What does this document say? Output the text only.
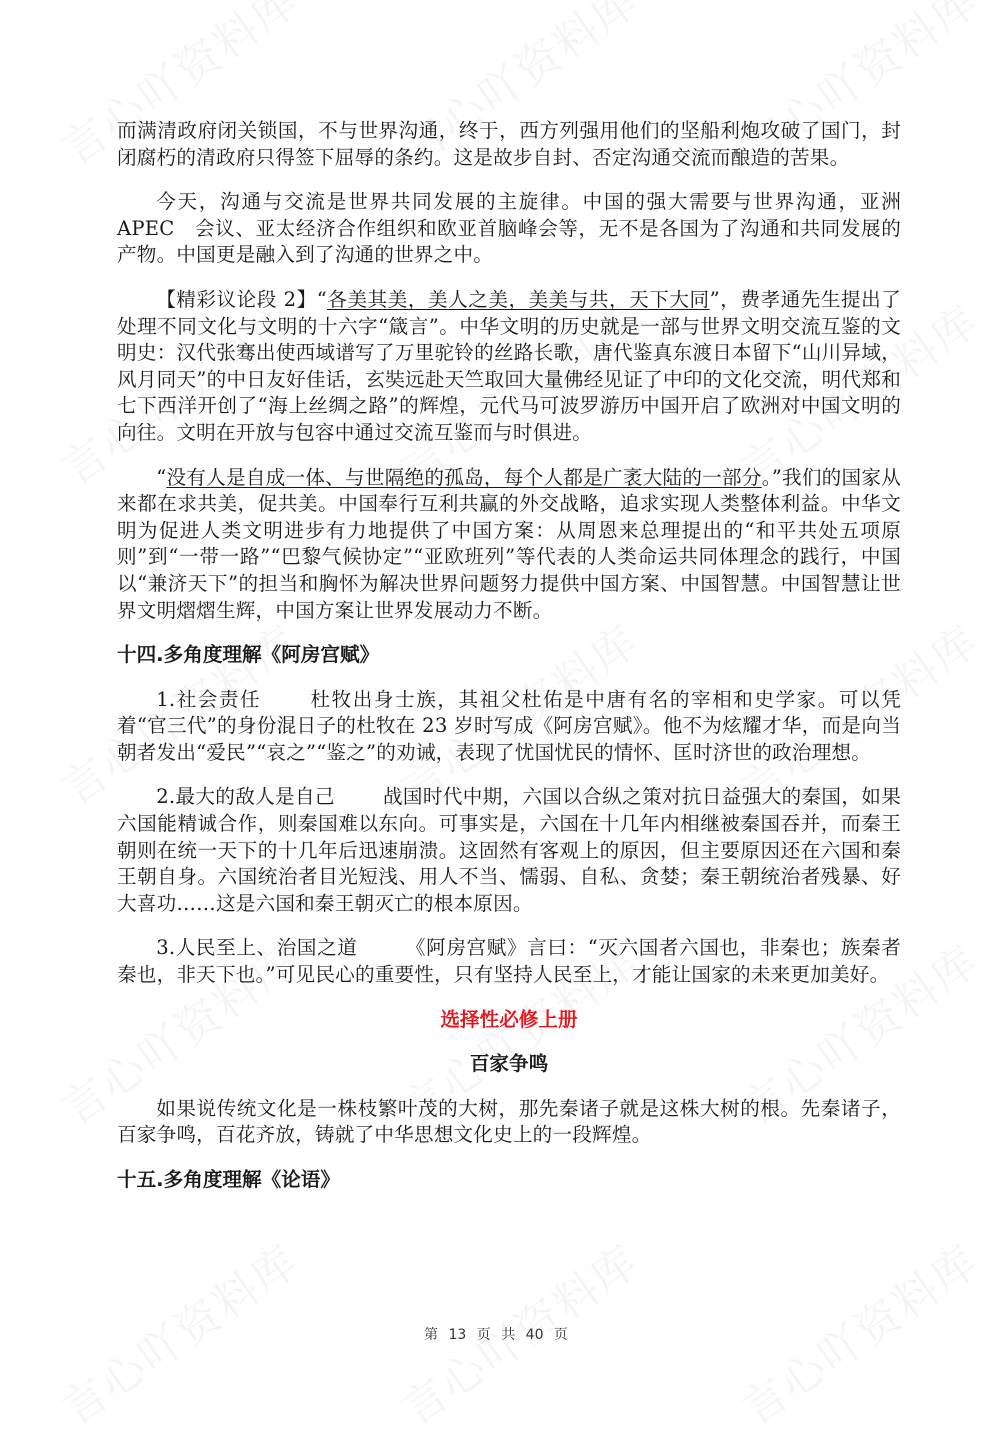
而满清政府闭关锁国，不与世界沟通，终于，西方列强用他们的坚船利炮攻破了国门，封闭腐朽的清政府只得签下屈辱的条约。这是故步自封、否定沟通交流而酿造的苦果。

今天，沟通与交流是世界共同发展的主旋律。中国的强大需要与世界沟通，亚洲 APEC　会议、亚太经济合作组织和欧亚首脑峰会等，无不是各国为了沟通和共同发展的产物。中国更是融入到了沟通的世界之中。

【精彩议论段 2】“各美其美，美人之美，美美与共，天下大同”，费孝通先生提出了处理不同文化与文明的十六字“箴言”。中华文明的历史就是一部与世界文明交流互鉴的文明史：汉代张骞出使西域谱写了万里驼铃的丝路长歌，唐代鉴真东渡日本留下“山川异域，风月同天”的中日友好佳话，玄奘远赴天竺取回大量佛经见证了中印的文化交流，明代郑和七下西洋开创了“海上丝绸之路”的辉煌，元代马可波罗游历中国开启了欧洲对中国文明的向往。文明在开放与包容中通过交流互鉴而与时俱进。

“没有人是自成一体、与世隔绝的孤岛，每个人都是广袤大陆的一部分。”我们的国家从来都在求共美，促共美。中国奉行互利共赢的外交战略，追求实现人类整体利益。中华文明为促进人类文明进步有力地提供了中国方案：从周恩来总理提出的“和平共处五项原则”到“一带一路”“巴黎气候协定”“亚欧班列”等代表的人类命运共同体理念的践行，中国以“兼济天下”的担当和胸怀为解决世界问题努力提供中国方案、中国智慧。中国智慧让世界文明熠熠生辉，中国方案让世界发展动力不断。

十四.多角度理解《阿房宫赋》

1.社会责任 杜牧出身士族，其祖父杜佑是中唐有名的宰相和史学家。可以凭着“官三代”的身份混日子的杜牧在 23 岁时写成《阿房宫赋》。他不为炫耀才华，而是向当朝者发出“爱民”“哀之”“鉴之”的劝诫，表现了忧国忧民的情怀、匡时济世的政治理想。

2.最大的敌人是自己 战国时代中期，六国以合纵之策对抗日益强大的秦国，如果六国能精诚合作，则秦国难以东向。可事实是，六国在十几年内相继被秦国吞并，而秦王朝则在统一天下的十几年后迅速崩溃。这固然有客观上的原因，但主要原因还在六国和秦王朝自身。六国统治者目光短浅、用人不当、懦弱、自私、贪婪；秦王朝统治者残暴、好大喜功……这是六国和秦王朝灭亡的根本原因。

3.人民至上、治国之道 《阿房宫赋》言曰：“灭六国者六国也，非秦也；族秦者秦也，非天下也。”可见民心的重要性，只有坚持人民至上，才能让国家的未来更加美好。

选择性必修上册
百家争鸣

如果说传统文化是一株枝繁叶茂的大树，那先秦诸子就是这株大树的根。先秦诸子，百家争鸣，百花齐放，铸就了中华思想文化史上的一段辉煌。

十五.多角度理解《论语》
第 13 页 共 40 页
